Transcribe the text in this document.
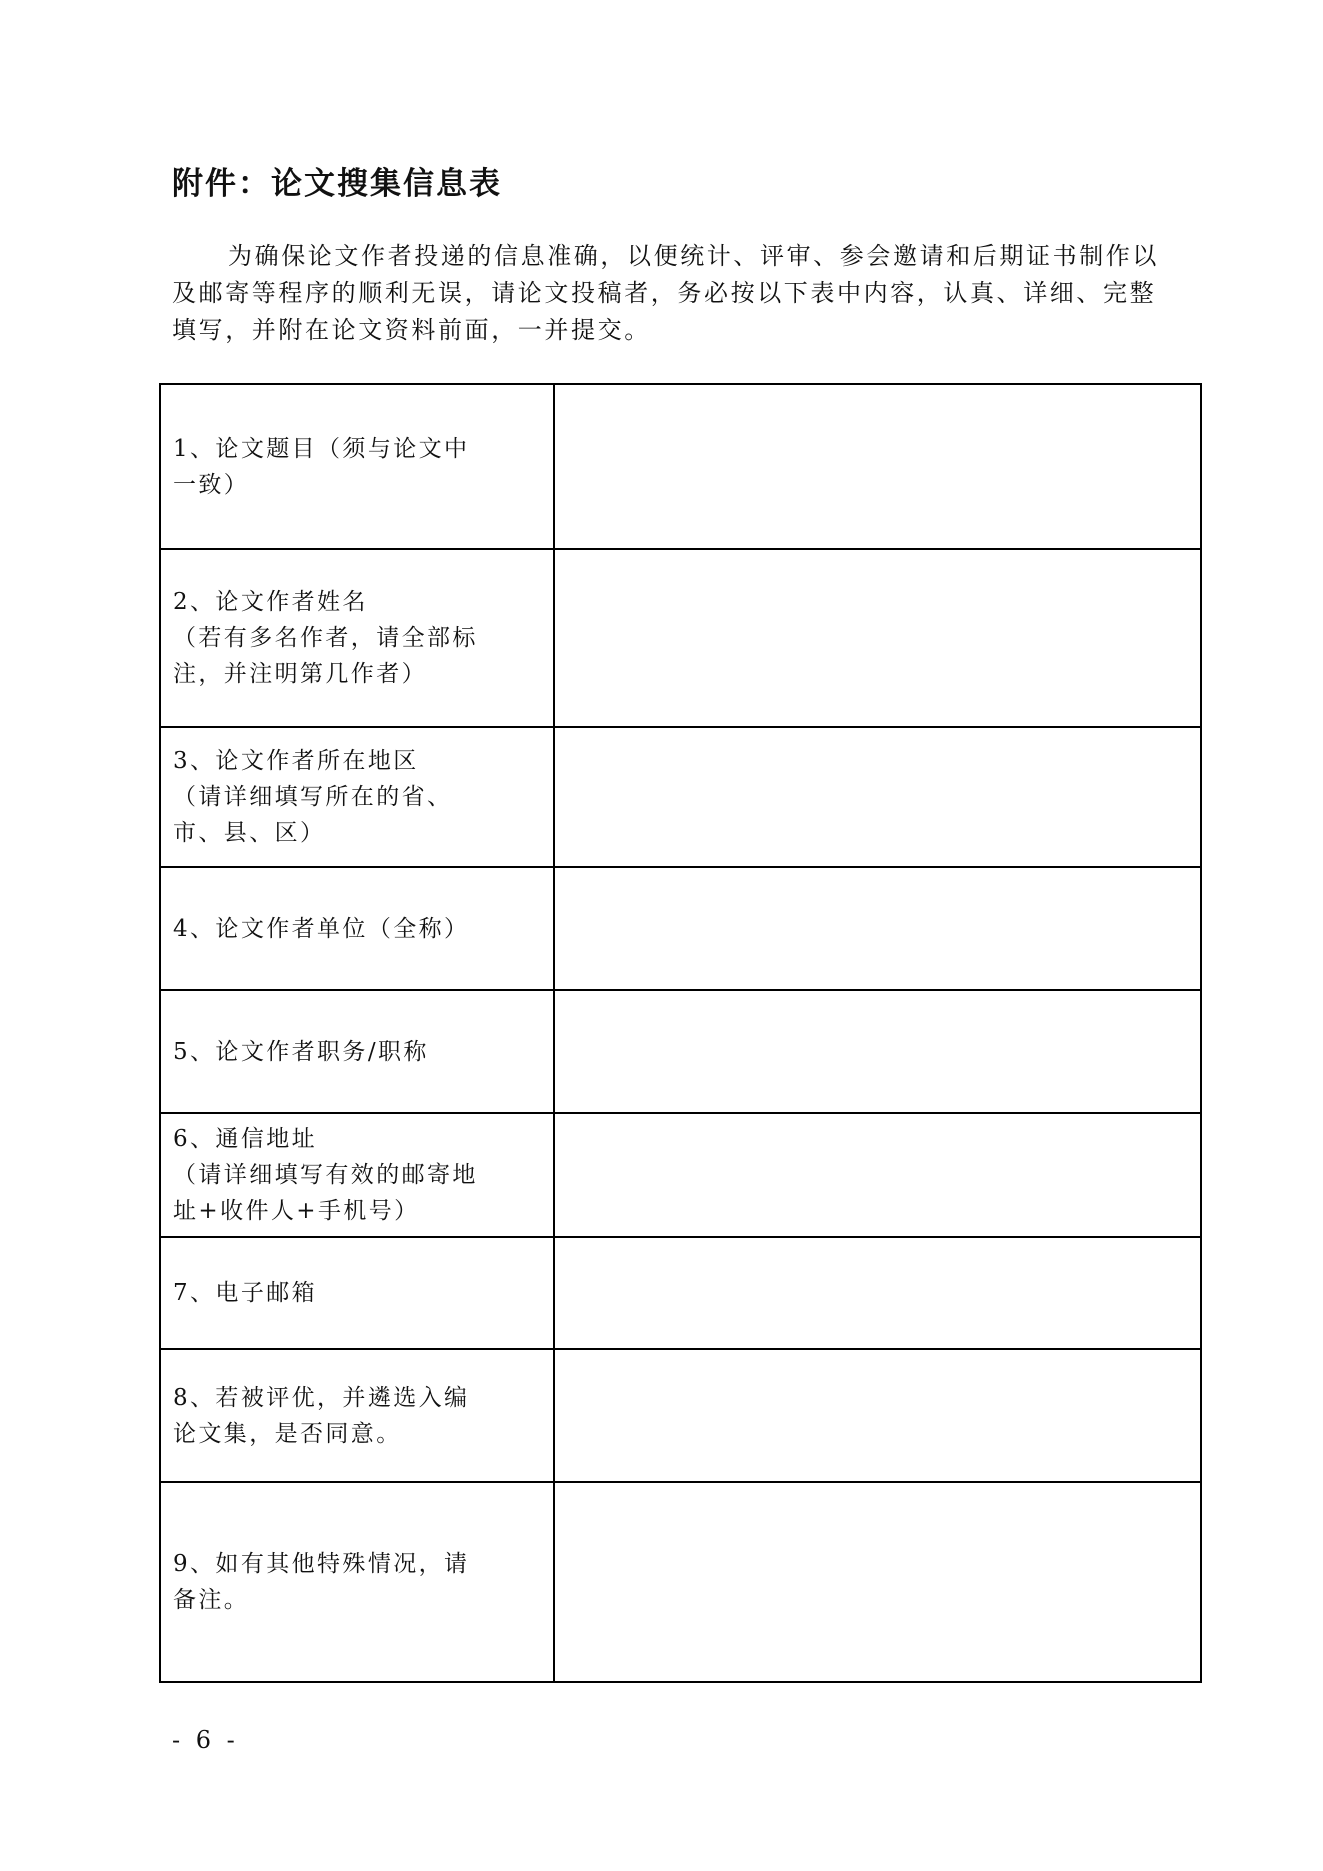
附件：论文搜集信息表
为确保论文作者投递的信息准确，以便统计、评审、参会邀请和后期证书制作以及邮寄等程序的顺利无误，请论文投稿者，务必按以下表中内容，认真、详细、完整填写，并附在论文资料前面，一并提交。
1、论文题目（须与论文中
一致）	

2、论文作者姓名
（若有多名作者，请全部标
注，并注明第几作者）	

3、论文作者所在地区
（请详细填写所在的省、
市、县、区）	

4、论文作者单位（全称）	

5、论文作者职务/职称	

6、通信地址
（请详细填写有效的邮寄地
址+收件人+手机号）	

7、电子邮箱	

8、若被评优，并遴选入编
论文集，是否同意。	

9、如有其他特殊情况，请
备注。	

- 6 -
